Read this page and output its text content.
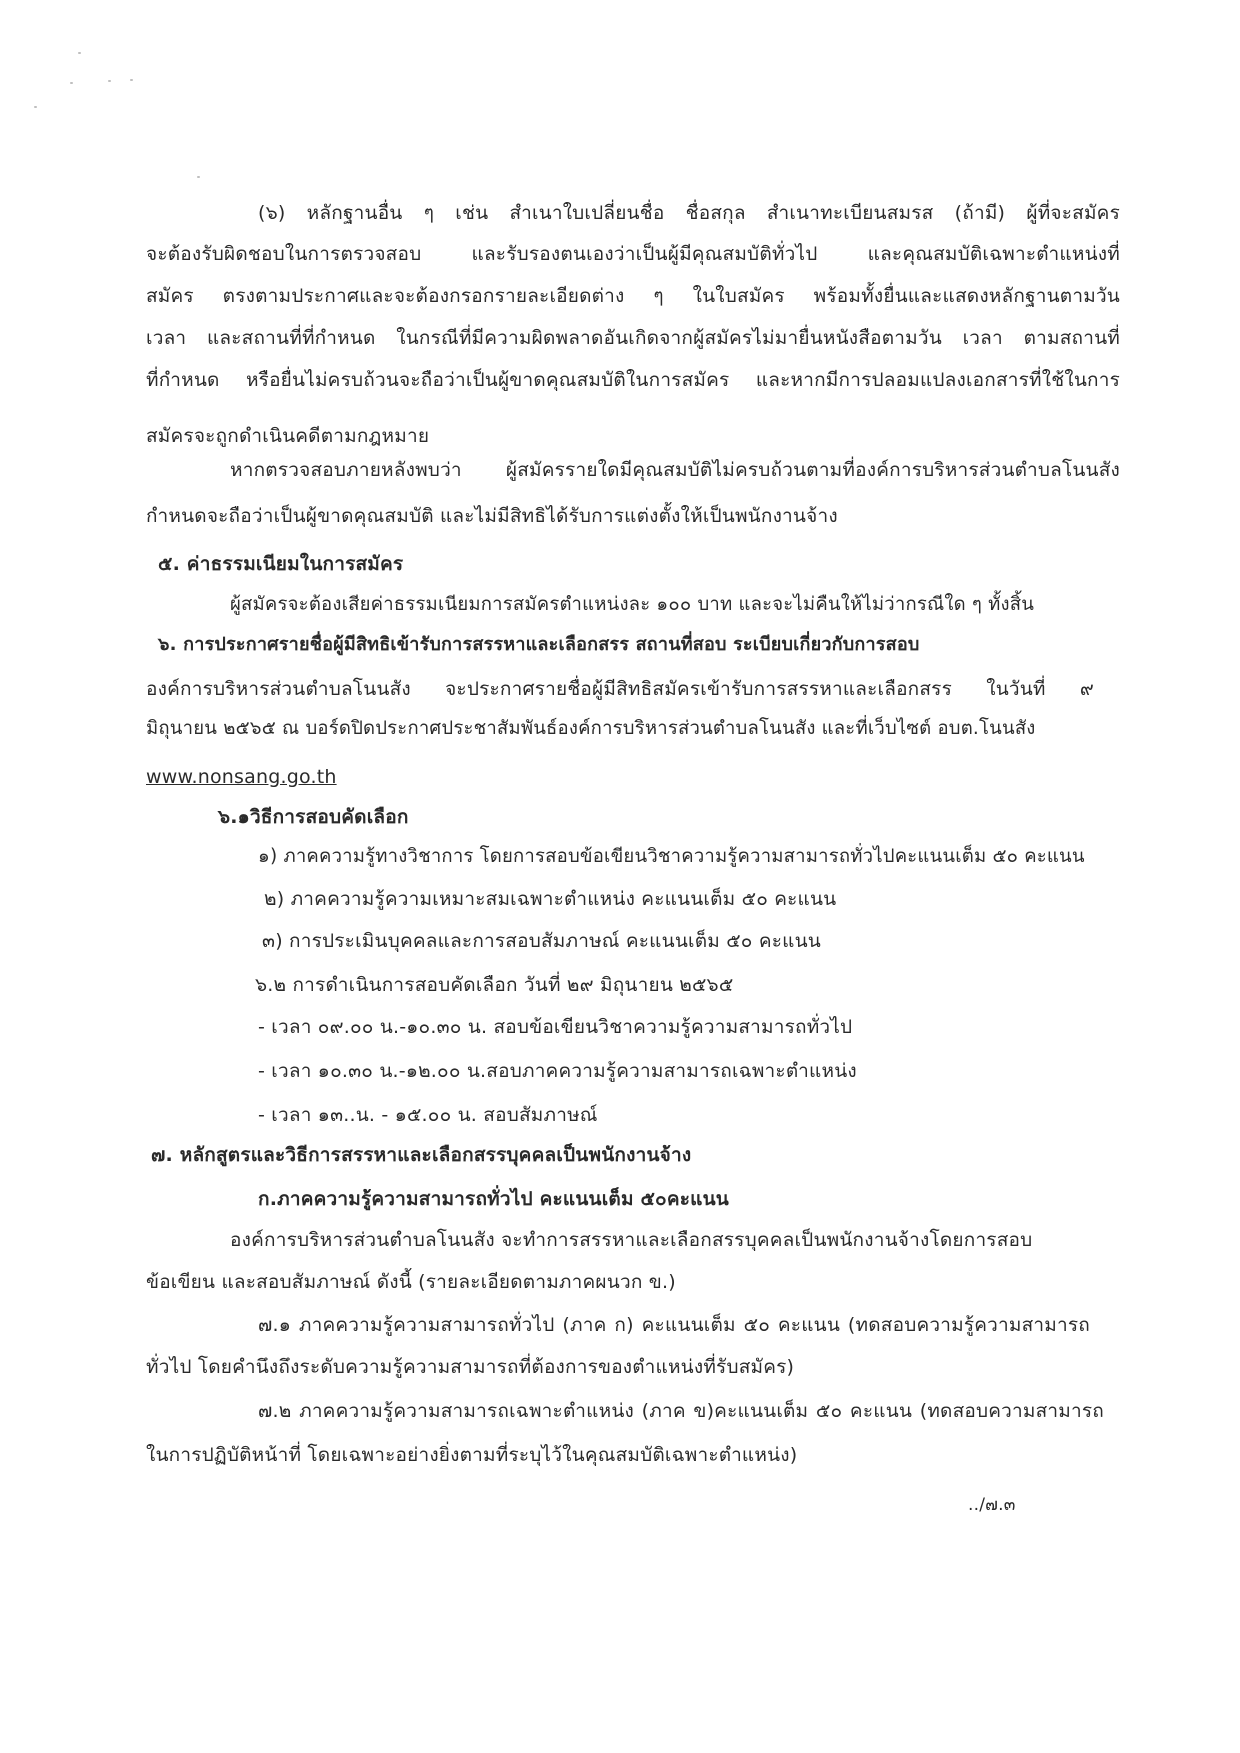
(๖) หลักฐานอื่น ๆ เช่น สำเนาใบเปลี่ยนชื่อ ชื่อสกุล สำเนาทะเบียนสมรส (ถ้ามี) ผู้ที่จะสมัคร
จะต้องรับผิดชอบในการตรวจสอบ และรับรองตนเองว่าเป็นผู้มีคุณสมบัติทั่วไป และคุณสมบัติเฉพาะตำแหน่งที่
สมัคร ตรงตามประกาศและจะต้องกรอกรายละเอียดต่าง ๆ ในใบสมัคร พร้อมทั้งยื่นและแสดงหลักฐานตามวัน
เวลา และสถานที่ที่กำหนด ในกรณีที่มีความผิดพลาดอันเกิดจากผู้สมัครไม่มายื่นหนังสือตามวัน เวลา ตามสถานที่
ที่กำหนด หรือยื่นไม่ครบถ้วนจะถือว่าเป็นผู้ขาดคุณสมบัติในการสมัคร และหากมีการปลอมแปลงเอกสารที่ใช้ในการ
สมัครจะถูกดำเนินคดีตามกฎหมาย
หากตรวจสอบภายหลังพบว่า ผู้สมัครรายใดมีคุณสมบัติไม่ครบถ้วนตามที่องค์การบริหารส่วนตำบลโนนสัง
กำหนดจะถือว่าเป็นผู้ขาดคุณสมบัติ และไม่มีสิทธิได้รับการแต่งตั้งให้เป็นพนักงานจ้าง
๕. ค่าธรรมเนียมในการสมัคร
ผู้สมัครจะต้องเสียค่าธรรมเนียมการสมัครตำแหน่งละ ๑๐๐ บาท และจะไม่คืนให้ไม่ว่ากรณีใด ๆ ทั้งสิ้น
๖. การประกาศรายชื่อผู้มีสิทธิเข้ารับการสรรหาและเลือกสรร สถานที่สอบ ระเบียบเกี่ยวกับการสอบ
องค์การบริหารส่วนตำบลโนนสัง จะประกาศรายชื่อผู้มีสิทธิสมัครเข้ารับการสรรหาและเลือกสรร ในวันที่ ๙
มิถุนายน ๒๕๖๕ ณ บอร์ดปิดประกาศประชาสัมพันธ์องค์การบริหารส่วนตำบลโนนสัง และที่เว็บไซต์ อบต.โนนสัง
www.nonsang.go.th
๖.๑วิธีการสอบคัดเลือก
๑) ภาคความรู้ทางวิชาการ โดยการสอบข้อเขียนวิชาความรู้ความสามารถทั่วไปคะแนนเต็ม ๕๐ คะแนน
๒) ภาคความรู้ความเหมาะสมเฉพาะตำแหน่ง คะแนนเต็ม ๕๐ คะแนน
๓) การประเมินบุคคลและการสอบสัมภาษณ์ คะแนนเต็ม ๕๐ คะแนน
๖.๒ การดำเนินการสอบคัดเลือก วันที่ ๒๙ มิถุนายน ๒๕๖๕
- เวลา ๐๙.๐๐ น.-๑๐.๓๐ น. สอบข้อเขียนวิชาความรู้ความสามารถทั่วไป
- เวลา ๑๐.๓๐ น.-๑๒.๐๐ น.สอบภาคความรู้ความสามารถเฉพาะตำแหน่ง
- เวลา ๑๓..น. - ๑๕.๐๐ น. สอบสัมภาษณ์
๗. หลักสูตรและวิธีการสรรหาและเลือกสรรบุคคลเป็นพนักงานจ้าง
ก.ภาคความรู้ความสามารถทั่วไป คะแนนเต็ม ๕๐คะแนน
องค์การบริหารส่วนตำบลโนนสัง จะทำการสรรหาและเลือกสรรบุคคลเป็นพนักงานจ้างโดยการสอบ
ข้อเขียน และสอบสัมภาษณ์ ดังนี้ (รายละเอียดตามภาคผนวก ข.)
๗.๑ ภาคความรู้ความสามารถทั่วไป (ภาค ก) คะแนนเต็ม ๕๐ คะแนน (ทดสอบความรู้ความสามารถ
ทั่วไป โดยคำนึงถึงระดับความรู้ความสามารถที่ต้องการของตำแหน่งที่รับสมัคร)
๗.๒ ภาคความรู้ความสามารถเฉพาะตำแหน่ง (ภาค ข)คะแนนเต็ม ๕๐ คะแนน (ทดสอบความสามารถ
ในการปฏิบัติหน้าที่ โดยเฉพาะอย่างยิ่งตามที่ระบุไว้ในคุณสมบัติเฉพาะตำแหน่ง)
../๗.๓
